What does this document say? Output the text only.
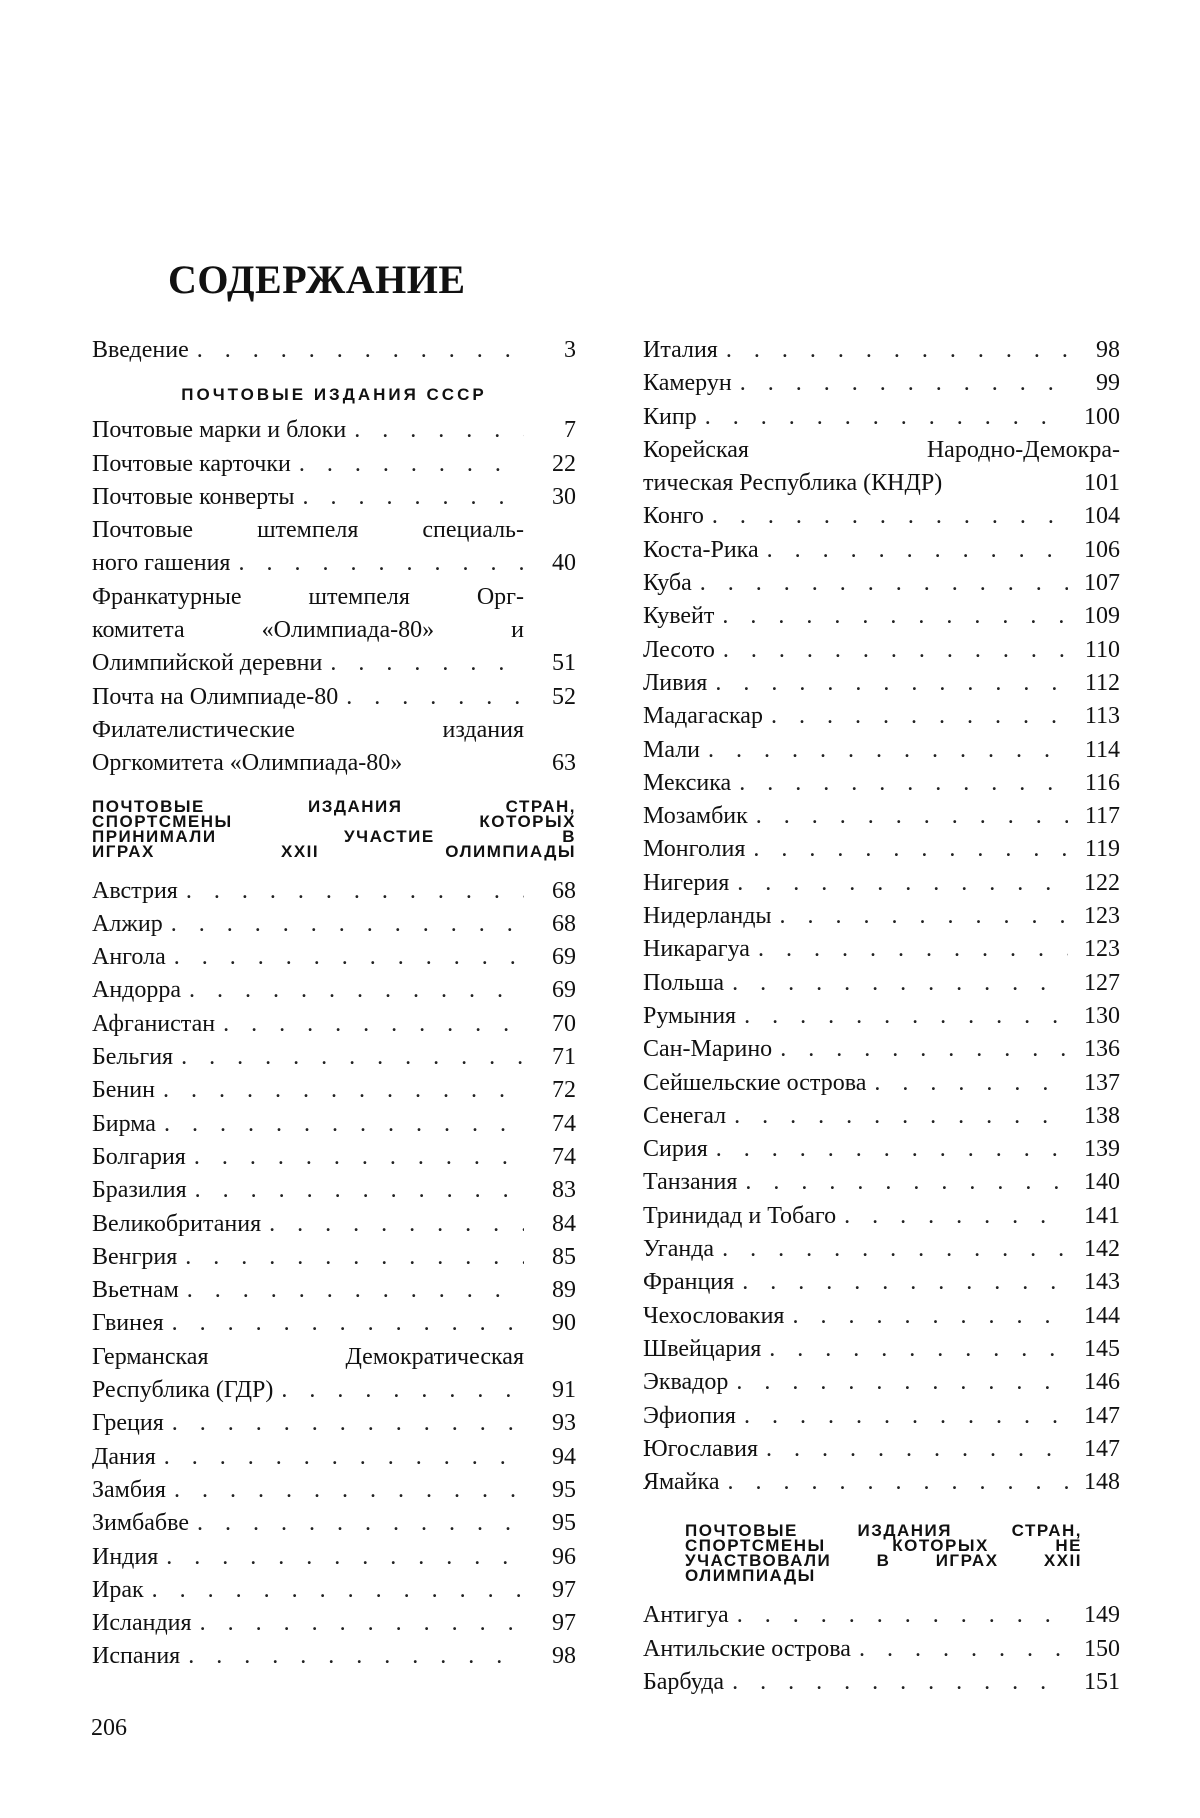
СОДЕРЖАНИЕ
Введение . . .	3
ПОЧТОВЫЕ ИЗДАНИЯ СССР
Почтовые марки и блоки . . .	7
Почтовые карточки . . .	22
Почтовые конверты . . .	30
Почтовые штемпеля специаль-
ного гашения . . .	40
Франкатурные штемпеля Орг-
комитета «Олимпиада-80» и
Олимпийской деревни . . .	51
Почта на Олимпиаде-80 . . .	52
Филателистические издания
Оргкомитета «Олимпиада-80»	63
ПОЧТОВЫЕ ИЗДАНИЯ СТРАН,
СПОРТСМЕНЫ КОТОРЫХ
ПРИНИМАЛИ УЧАСТИЕ В
ИГРАХ XXII ОЛИМПИАДЫ
Австрия . . .	68
Алжир . . .	68
Ангола . . .	69
Андорра . . .	69
Афганистан . . .	70
Бельгия . . .	71
Бенин . . .	72
Бирма . . .	74
Болгария . . .	74
Бразилия . . .	83
Великобритания . . .	84
Венгрия . . .	85
Вьетнам . . .	89
Гвинея . . .	90
Германская Демократическая
Республика (ГДР) . . .	91
Греция . . .	93
Дания . . .	94
Замбия . . .	95
Зимбабве . . .	95
Индия . . .	96
Ирак . . .	97
Исландия . . .	97
Испания . . .	98
Италия . . .	98
Камерун . . .	99
Кипр . . .	100
Корейская Народно-Демокра-
тическая Республика (КНДР)	101
Конго . . .	104
Коста-Рика . . .	106
Куба . . .	107
Кувейт . . .	109
Лесото . . .	110
Ливия . . .	112
Мадагаскар . . .	113
Мали . . .	114
Мексика . . .	116
Мозамбик . . .	117
Монголия . . .	119
Нигерия . . .	122
Нидерланды . . .	123
Никарагуа . . .	123
Польша . . .	127
Румыния . . .	130
Сан-Марино . . .	136
Сейшельские острова . . .	137
Сенегал . . .	138
Сирия . . .	139
Танзания . . .	140
Тринидад и Тобаго . . .	141
Уганда . . .	142
Франция . . .	143
Чехословакия . . .	144
Швейцария . . .	145
Эквадор . . .	146
Эфиопия . . .	147
Югославия . . .	147
Ямайка . . .	148
ПОЧТОВЫЕ ИЗДАНИЯ СТРАН,
СПОРТСМЕНЫ КОТОРЫХ НЕ
УЧАСТВОВАЛИ В ИГРАХ XXII
ОЛИМПИАДЫ
Антигуа . . .	149
Антильские острова . . .	150
Барбуда . . .	151
206
